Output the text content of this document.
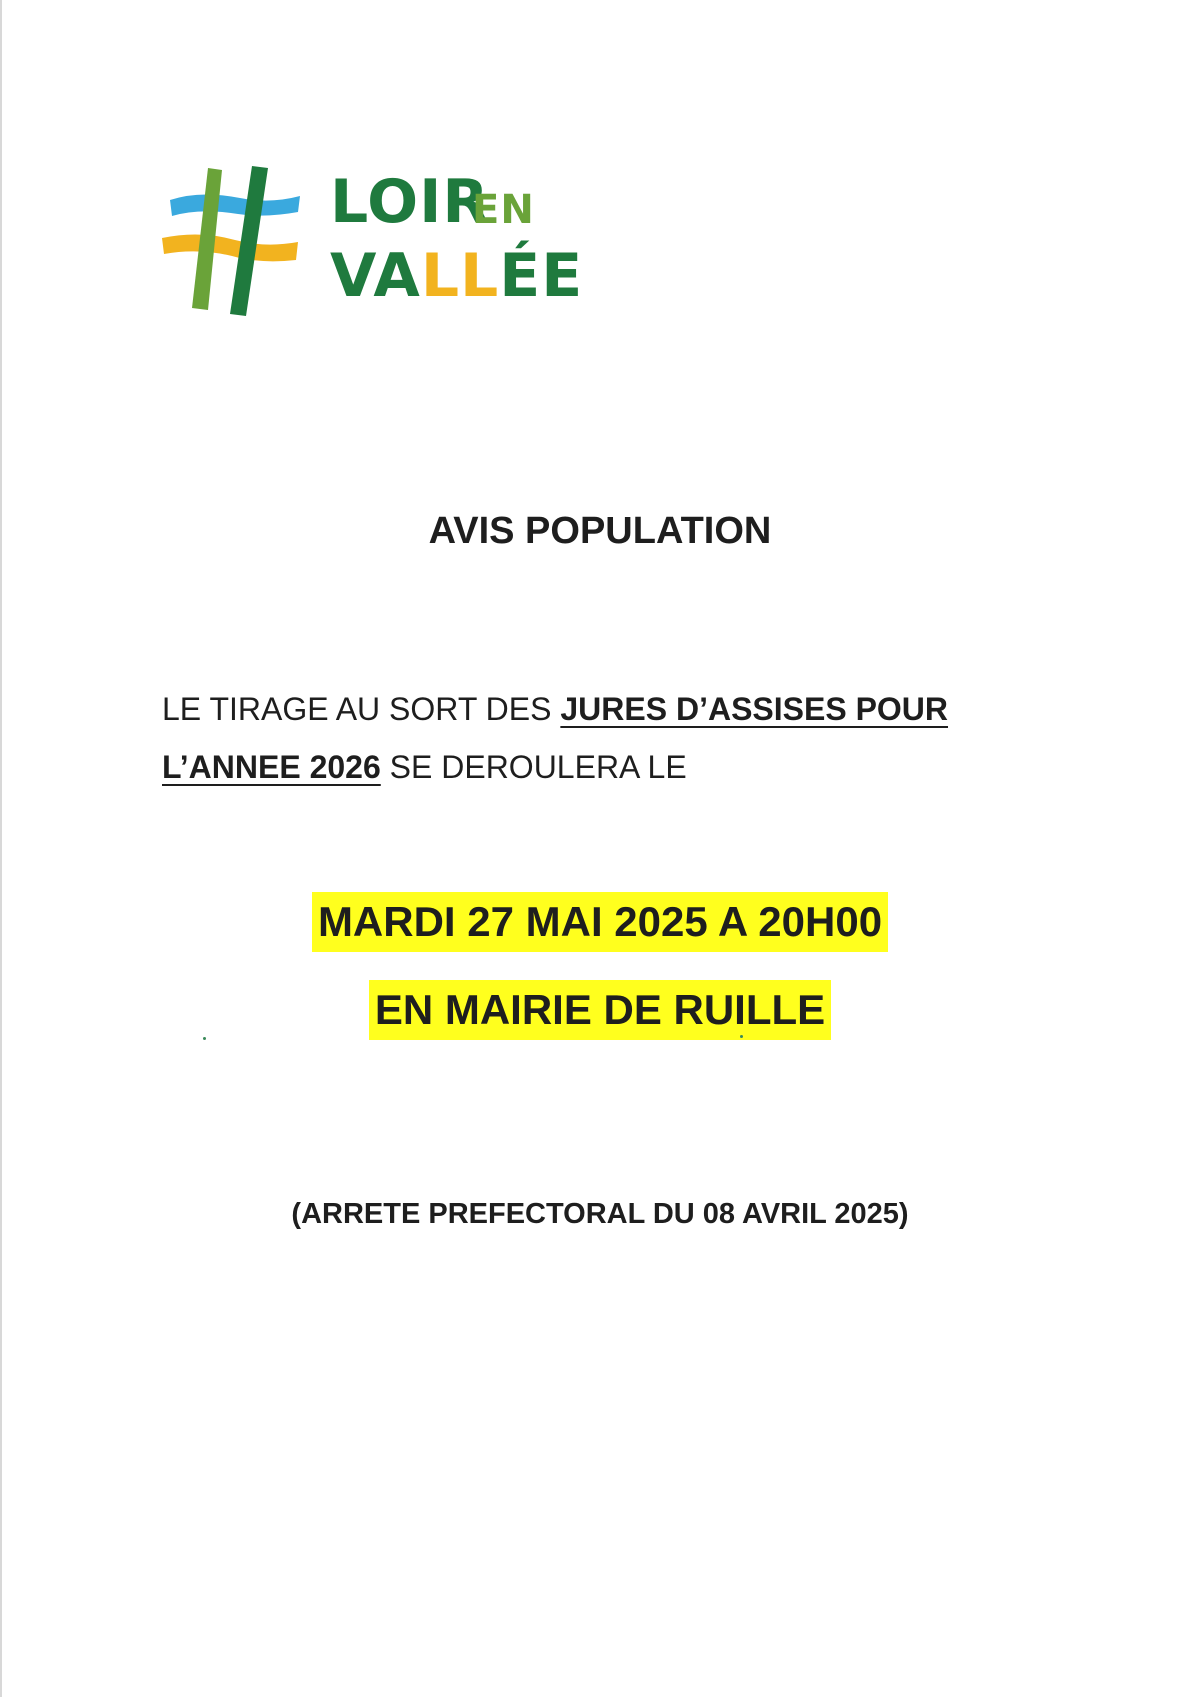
LOIR
EN
VALLÉE
AVIS POPULATION

LE TIRAGE AU SORT DES JURES D’ASSISES POUR
L’ANNEE 2026 SE DEROULERA LE

MARDI 27 MAI 2025 A 20H00
EN MAIRIE DE RUILLE

(ARRETE PREFECTORAL DU 08 AVRIL 2025)
